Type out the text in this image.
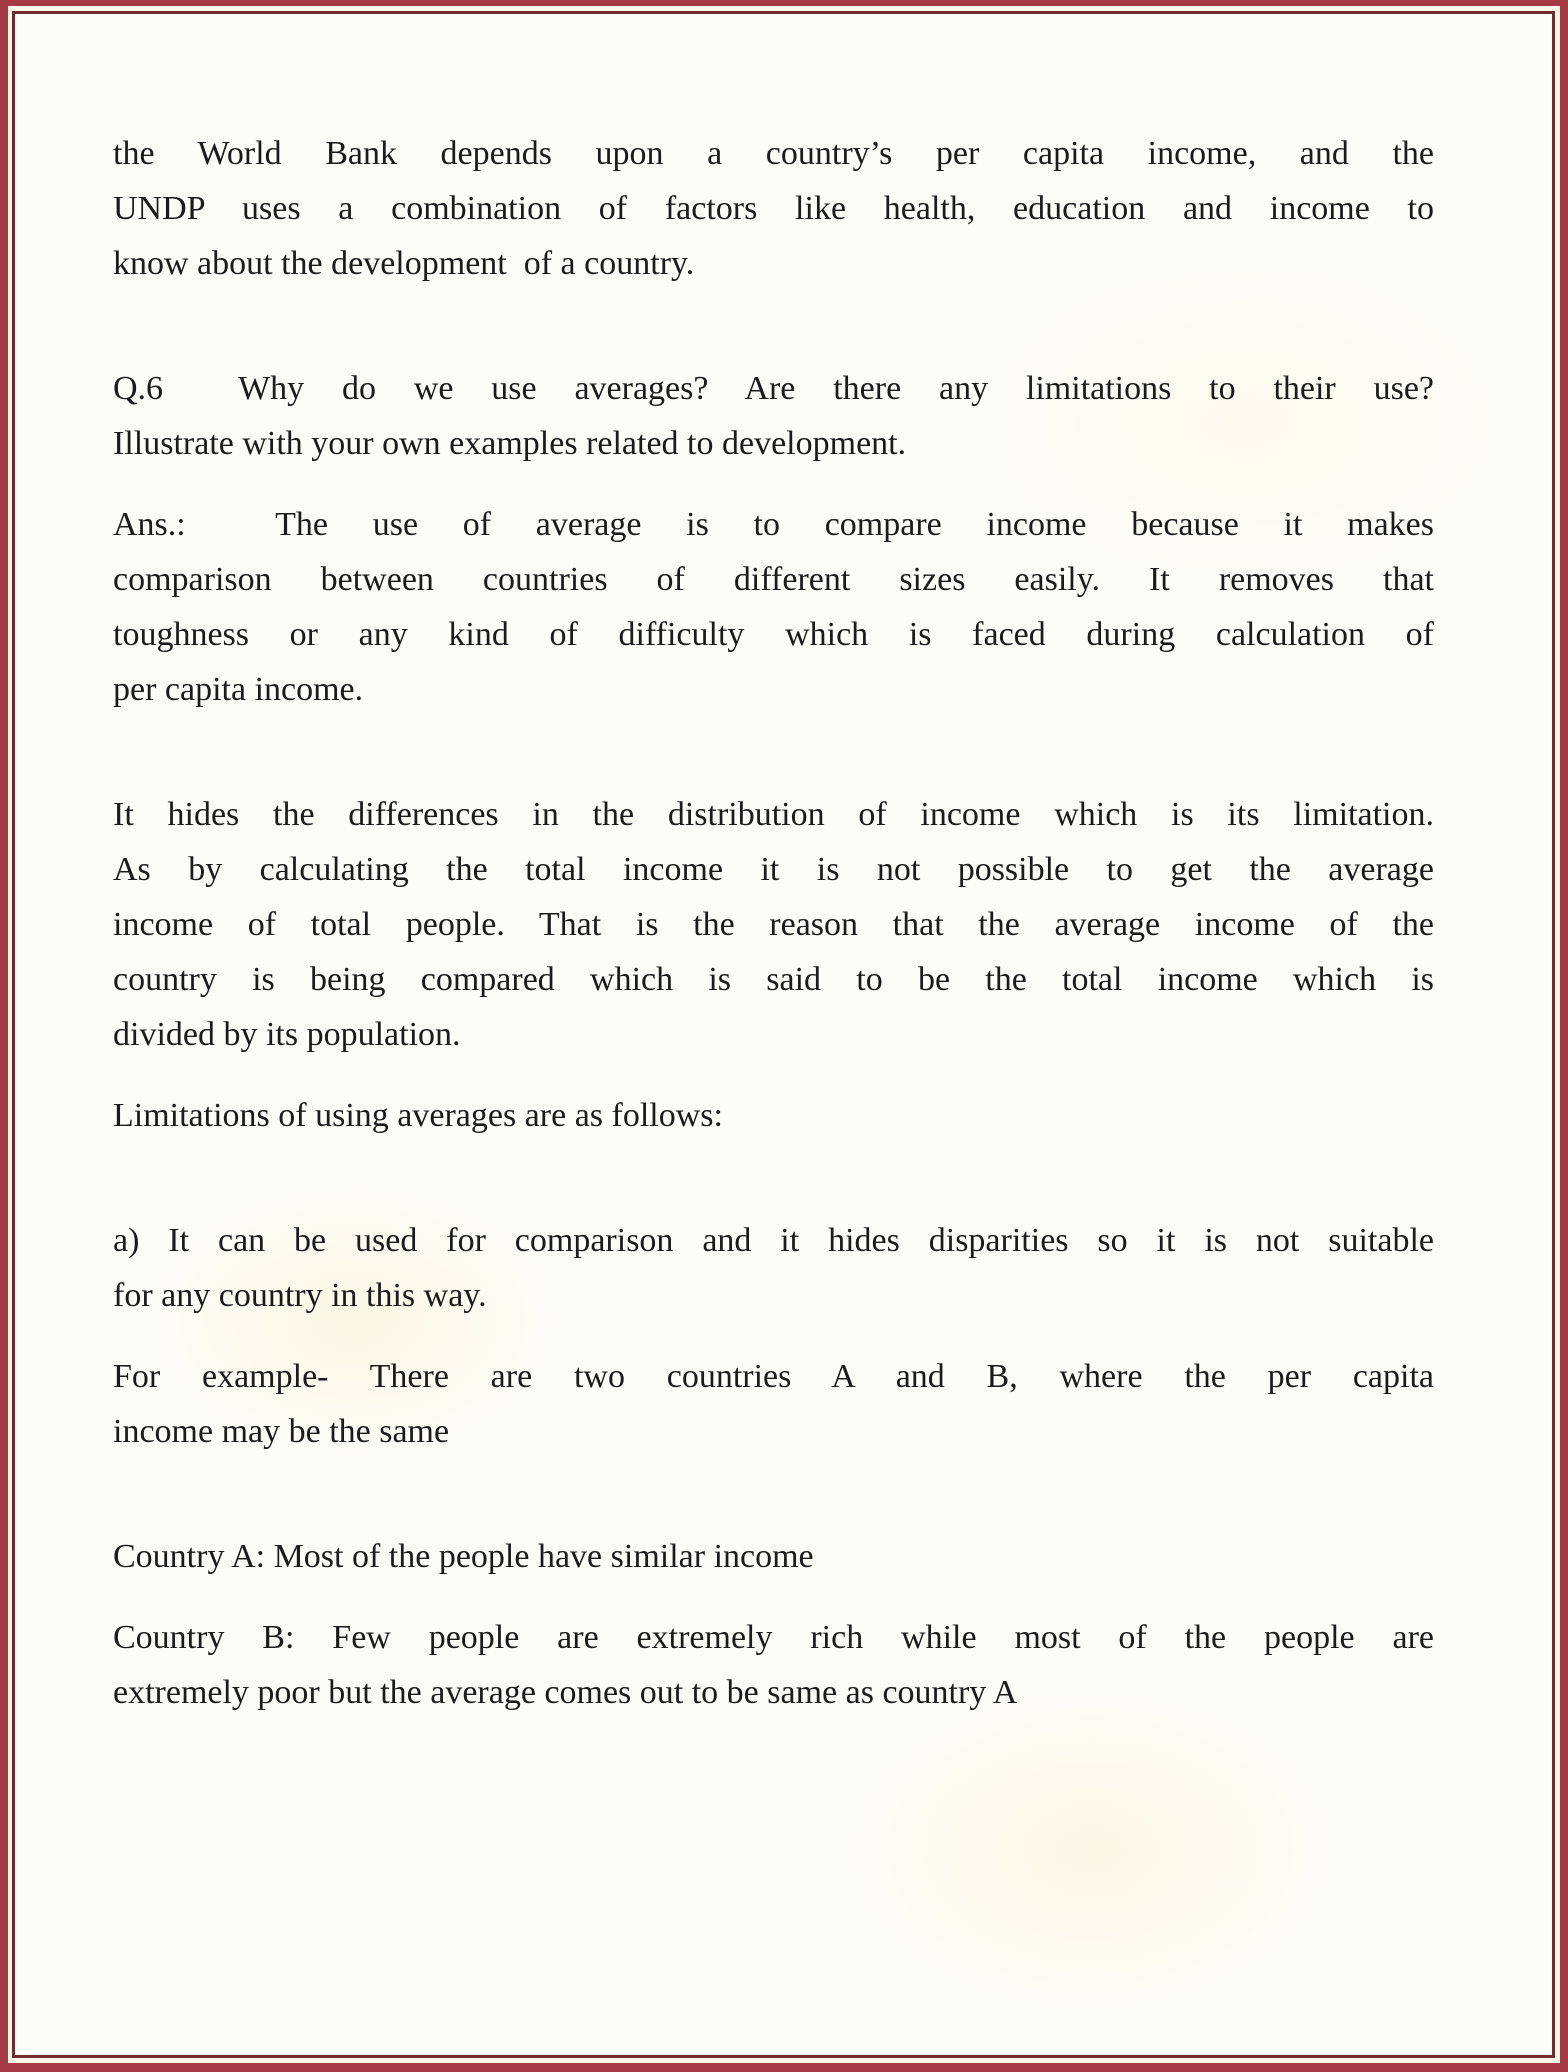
the World Bank depends upon a country’s per capita income, and the
UNDP uses a combination of factors like health, education and income to
know about the development  of a country.
Q.6  Why do we use averages? Are there any limitations to their use?
Illustrate with your own examples related to development.
Ans.:  The use of average is to compare income because it makes
comparison between countries of different sizes easily. It removes that
toughness or any kind of difficulty which is faced during calculation of
per capita income.
It hides the differences in the distribution of income which is its limitation.
As by calculating the total income it is not possible to get the average
income of total people. That is the reason that the average income of the
country is being compared which is said to be the total income which is
divided by its population.
Limitations of using averages are as follows:
a) It can be used for comparison and it hides disparities so it is not suitable
for any country in this way.
For example- There are two countries A and B, where the per capita
income may be the same
Country A: Most of the people have similar income
Country B: Few people are extremely rich while most of the people are
extremely poor but the average comes out to be same as country A
